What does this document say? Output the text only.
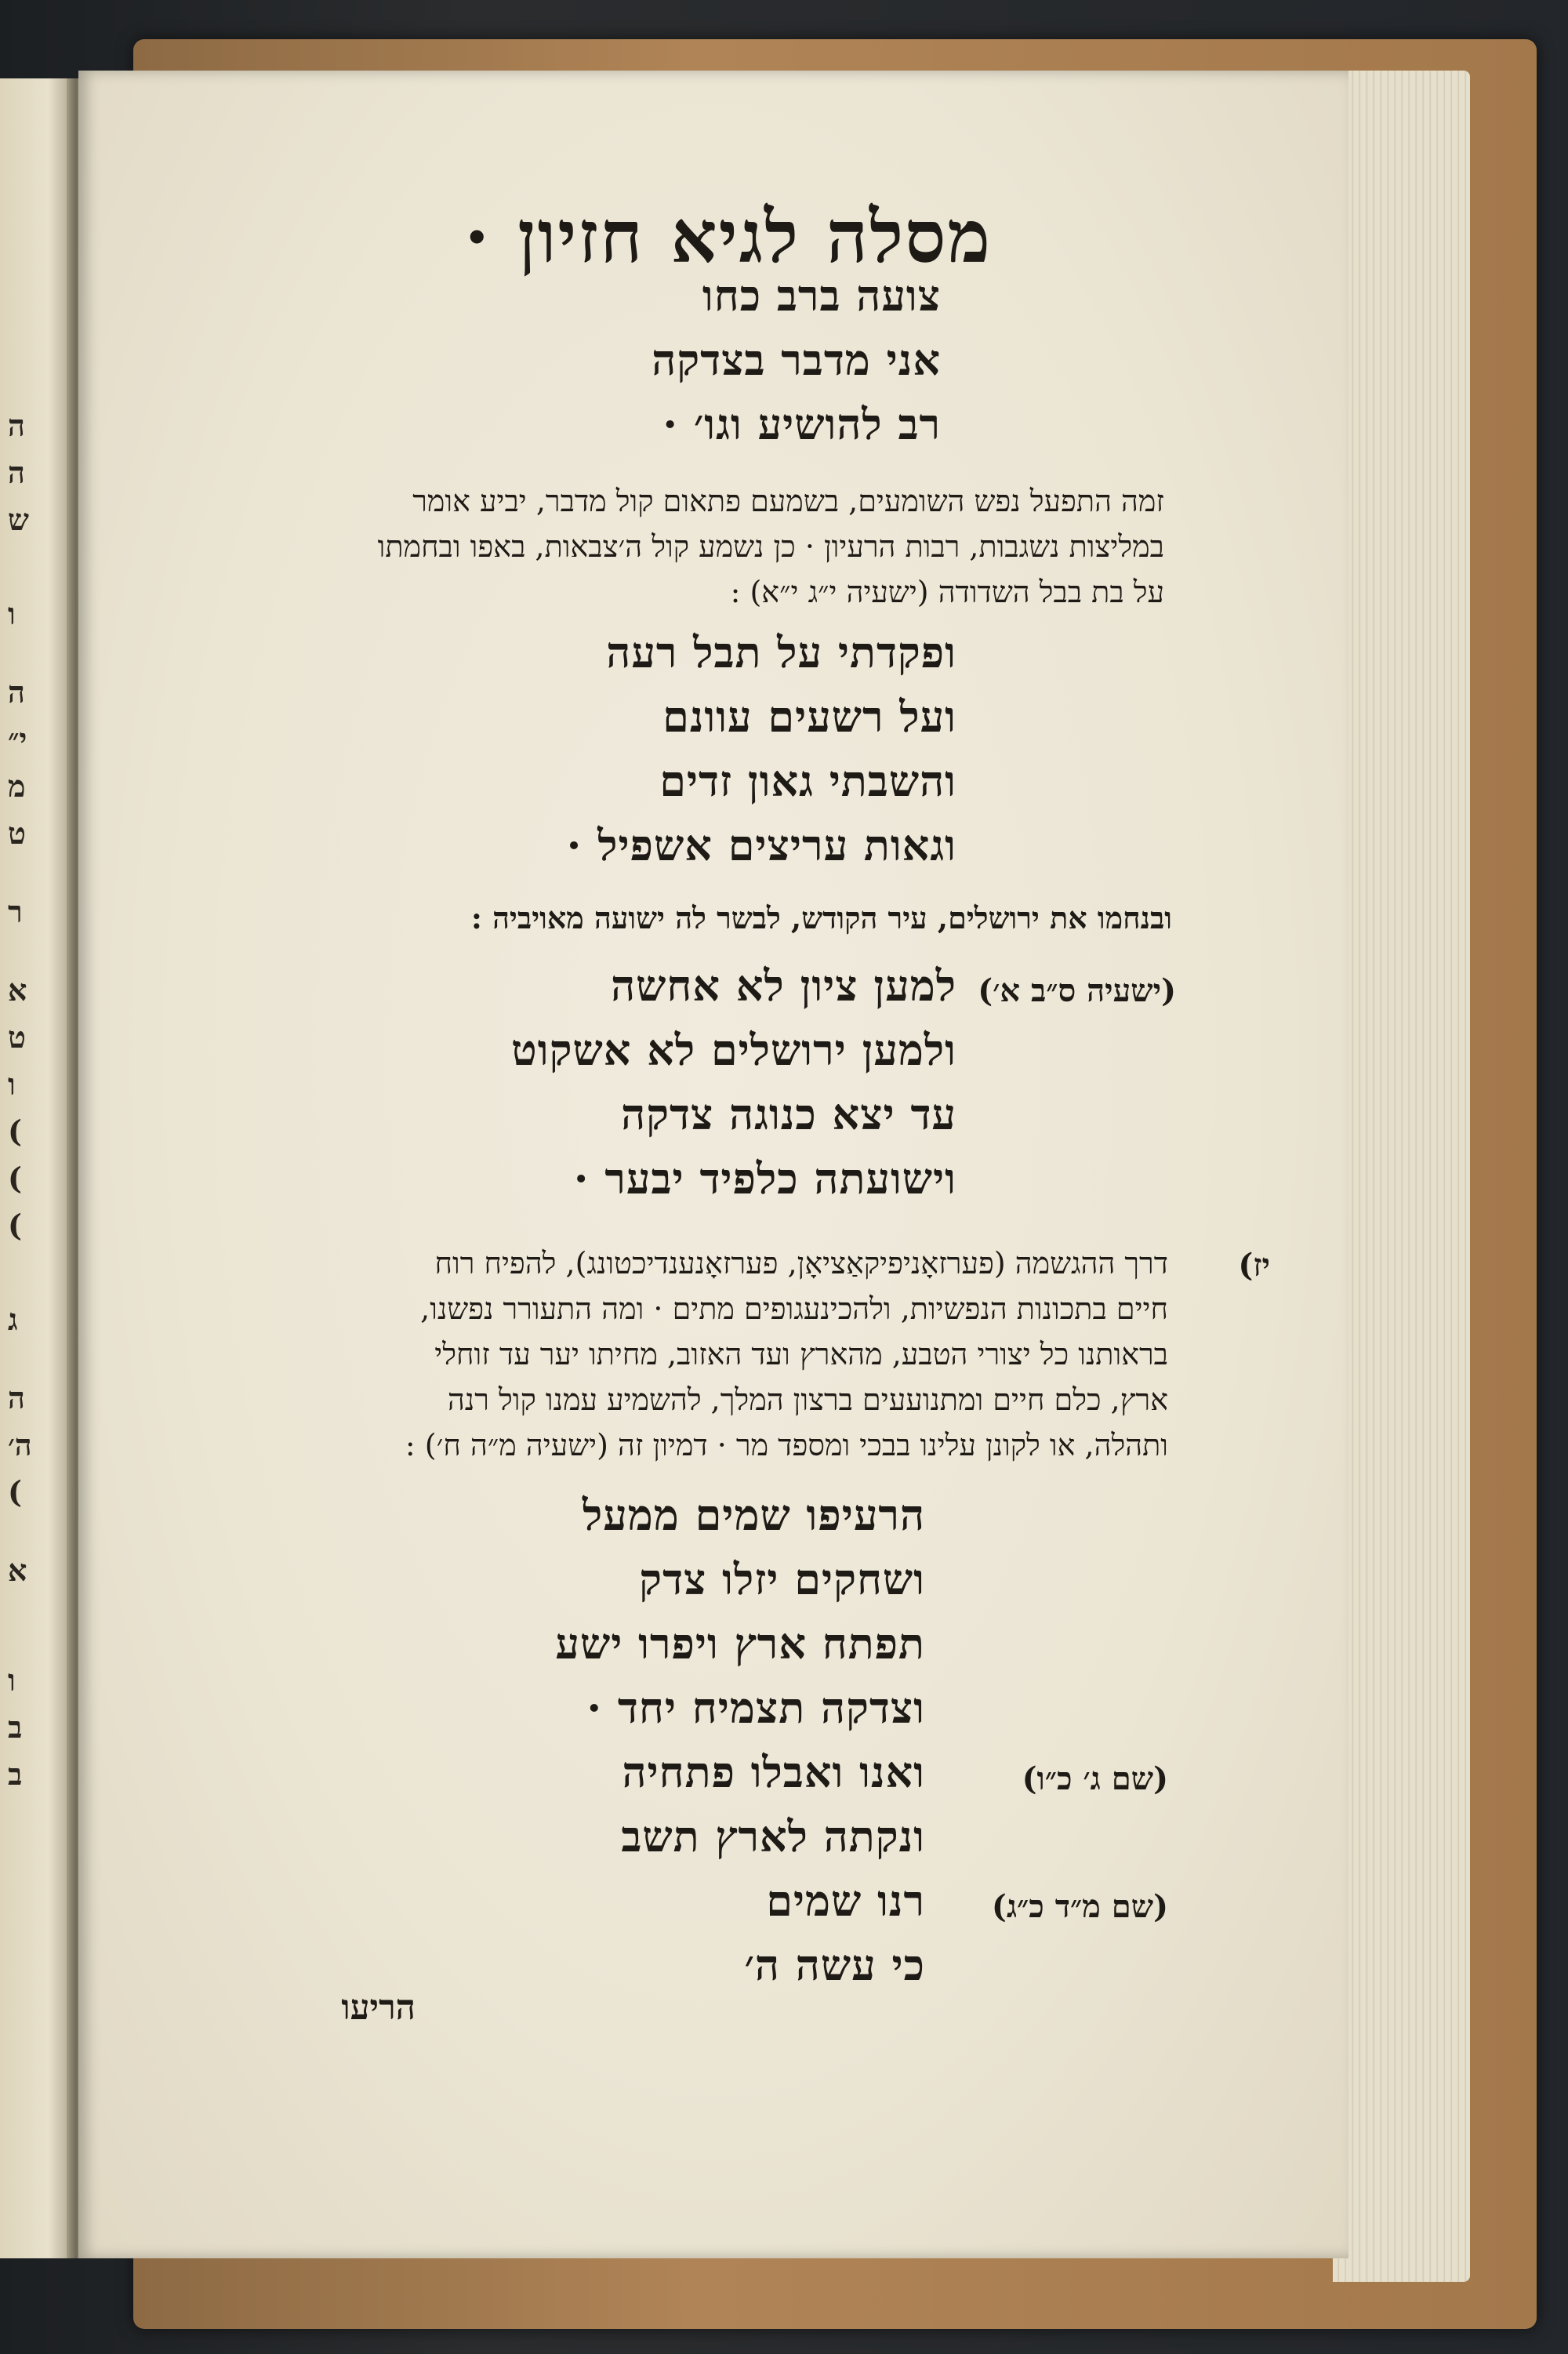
ה
ה
ש
ו
ה
י״
מ
ט
ר
א
ט
ו
(
(
(
ג
ה
ה׳
(
א
ו
ב
ב
מסלה לגיא חזיון ·
צועה ברב כחו
אני מדבר בצדקה
רב להושיע וגו׳ ·
זמה התפעל נפש השומעים, בשמעם פתאום קול מדבר, יביע אומר
במליצות נשגבות, רבות הרעיון · כן נשמע קול ה׳צבאות, באפו ובחמתו
על בת בבל השדודה (ישעיה י״ג י״א) :
ופקדתי על תבל רעה
ועל רשעים עוונם
והשבתי גאון זדים
וגאות עריצים אשפיל ·
ובנחמו את ירושלים, עיר הקודש, לבשר לה ישועה מאויביה :
(ישעיה ס״ב א׳)
למען ציון לא אחשה
ולמען ירושלים לא אשקוט
עד יצא כנוגה צדקה
וישועתה כלפיד יבער ·
יז)
דרך ההגשמה (פערזאָניפיקאַציאָן, פערזאָנענדיכטונג), להפיח רוח
חיים בתכונות הנפשיות, ולהכינעגופים מתים · ומה התעורר נפשנו,
בראותנו כל יצורי הטבע, מהארץ ועד האזוב, מחיתו יער עד זוחלי
ארץ, כלם חיים ומתנועעים ברצון המלך, להשמיע עמנו קול רנה
ותהלה, או לקונן עלינו בבכי ומספד מר · דמיון זה (ישעיה מ״ה ח׳) :
הרעיפו שמים ממעל
ושחקים יזלו צדק
תפתח ארץ ויפרו ישע
וצדקה תצמיח יחד ·
(שם ג׳ כ״ו)
ואנו ואבלו פתחיה
ונקתה לארץ תשב
(שם מ״ד כ״ג)
רנו שמים
כי עשה ה׳
הריעו
